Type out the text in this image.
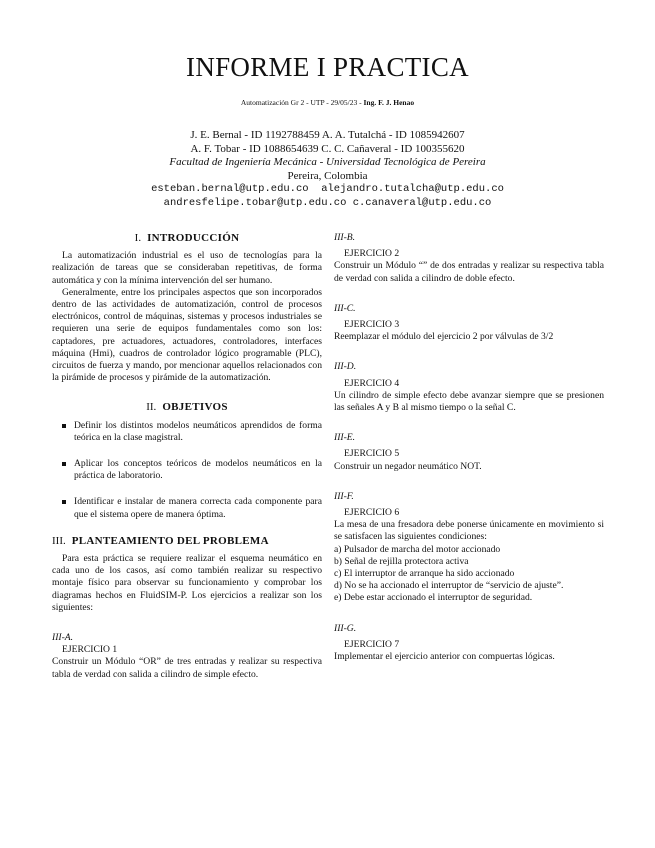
INFORME I PRACTICA
Automatización Gr 2 - UTP - 29/05/23 - Ing. F. J. Henao
J. E. Bernal - ID 1192788459 A. A. Tutalchá - ID 1085942607
A. F. Tobar - ID 1088654639 C. C. Cañaveral - ID 100355620
Facultad de Ingeniería Mecánica - Universidad Tecnológica de Pereira
Pereira, Colombia
esteban.bernal@utp.edu.co  alejandro.tutalcha@utp.edu.co
andresfelipe.tobar@utp.edu.co c.canaveral@utp.edu.co
I. INTRODUCCIÓN

La automatización industrial es el uso de tecnologías para la realización de tareas que se consideraban repetitivas, de forma automática y con la mínima intervención del ser humano.

Generalmente, entre los principales aspectos que son incorporados dentro de las actividades de automatización, control de procesos electrónicos, control de máquinas, sistemas y procesos industriales se requieren una serie de equipos fundamentales como son los: captadores, pre actuadores, actuadores, controladores, interfaces máquina (Hmi), cuadros de controlador lógico programable (PLC), circuitos de fuerza y mando, por mencionar aquellos relacionados con la pirámide de procesos y pirámide de la automatización.

II. OBJETIVOS
Definir los distintos modelos neumáticos aprendidos de forma teórica en la clase magistral.
Aplicar los conceptos teóricos de modelos neumáticos en la práctica de laboratorio.
Identificar e instalar de manera correcta cada componente para que el sistema opere de manera óptima.
III. PLANTEAMIENTO DEL PROBLEMA

Para esta práctica se requiere realizar el esquema neumático en cada uno de los casos, así como también realizar su respectivo montaje físico para observar su funcionamiento y comprobar los diagramas hechos en FluidSIM-P. Los ejercicios a realizar son los siguientes:

III-A.

EJERCICIO 1

Construir un Módulo “OR” de tres entradas y realizar su respectiva tabla de verdad con salida a cilindro de simple efecto.

III-B.

EJERCICIO 2

Construir un Módulo “” de dos entradas y realizar su respectiva tabla de verdad con salida a cilindro de doble efecto.

III-C.

EJERCICIO 3

Reemplazar el módulo del ejercicio 2 por válvulas de 3/2

III-D.

EJERCICIO 4

Un cilindro de simple efecto debe avanzar siempre que se presionen las señales A y B al mismo tiempo o la señal C.

III-E.

EJERCICIO 5

Construir un negador neumático NOT.

III-F.

EJERCICIO 6

La mesa de una fresadora debe ponerse únicamente en movimiento si se satisfacen las siguientes condiciones:

a) Pulsador de marcha del motor accionado

b) Señal de rejilla protectora activa

c) El interruptor de arranque ha sido accionado

d) No se ha accionado el interruptor de “servicio de ajuste”.

e) Debe estar accionado el interruptor de seguridad.

III-G.

EJERCICIO 7

Implementar el ejercicio anterior con compuertas lógicas.
